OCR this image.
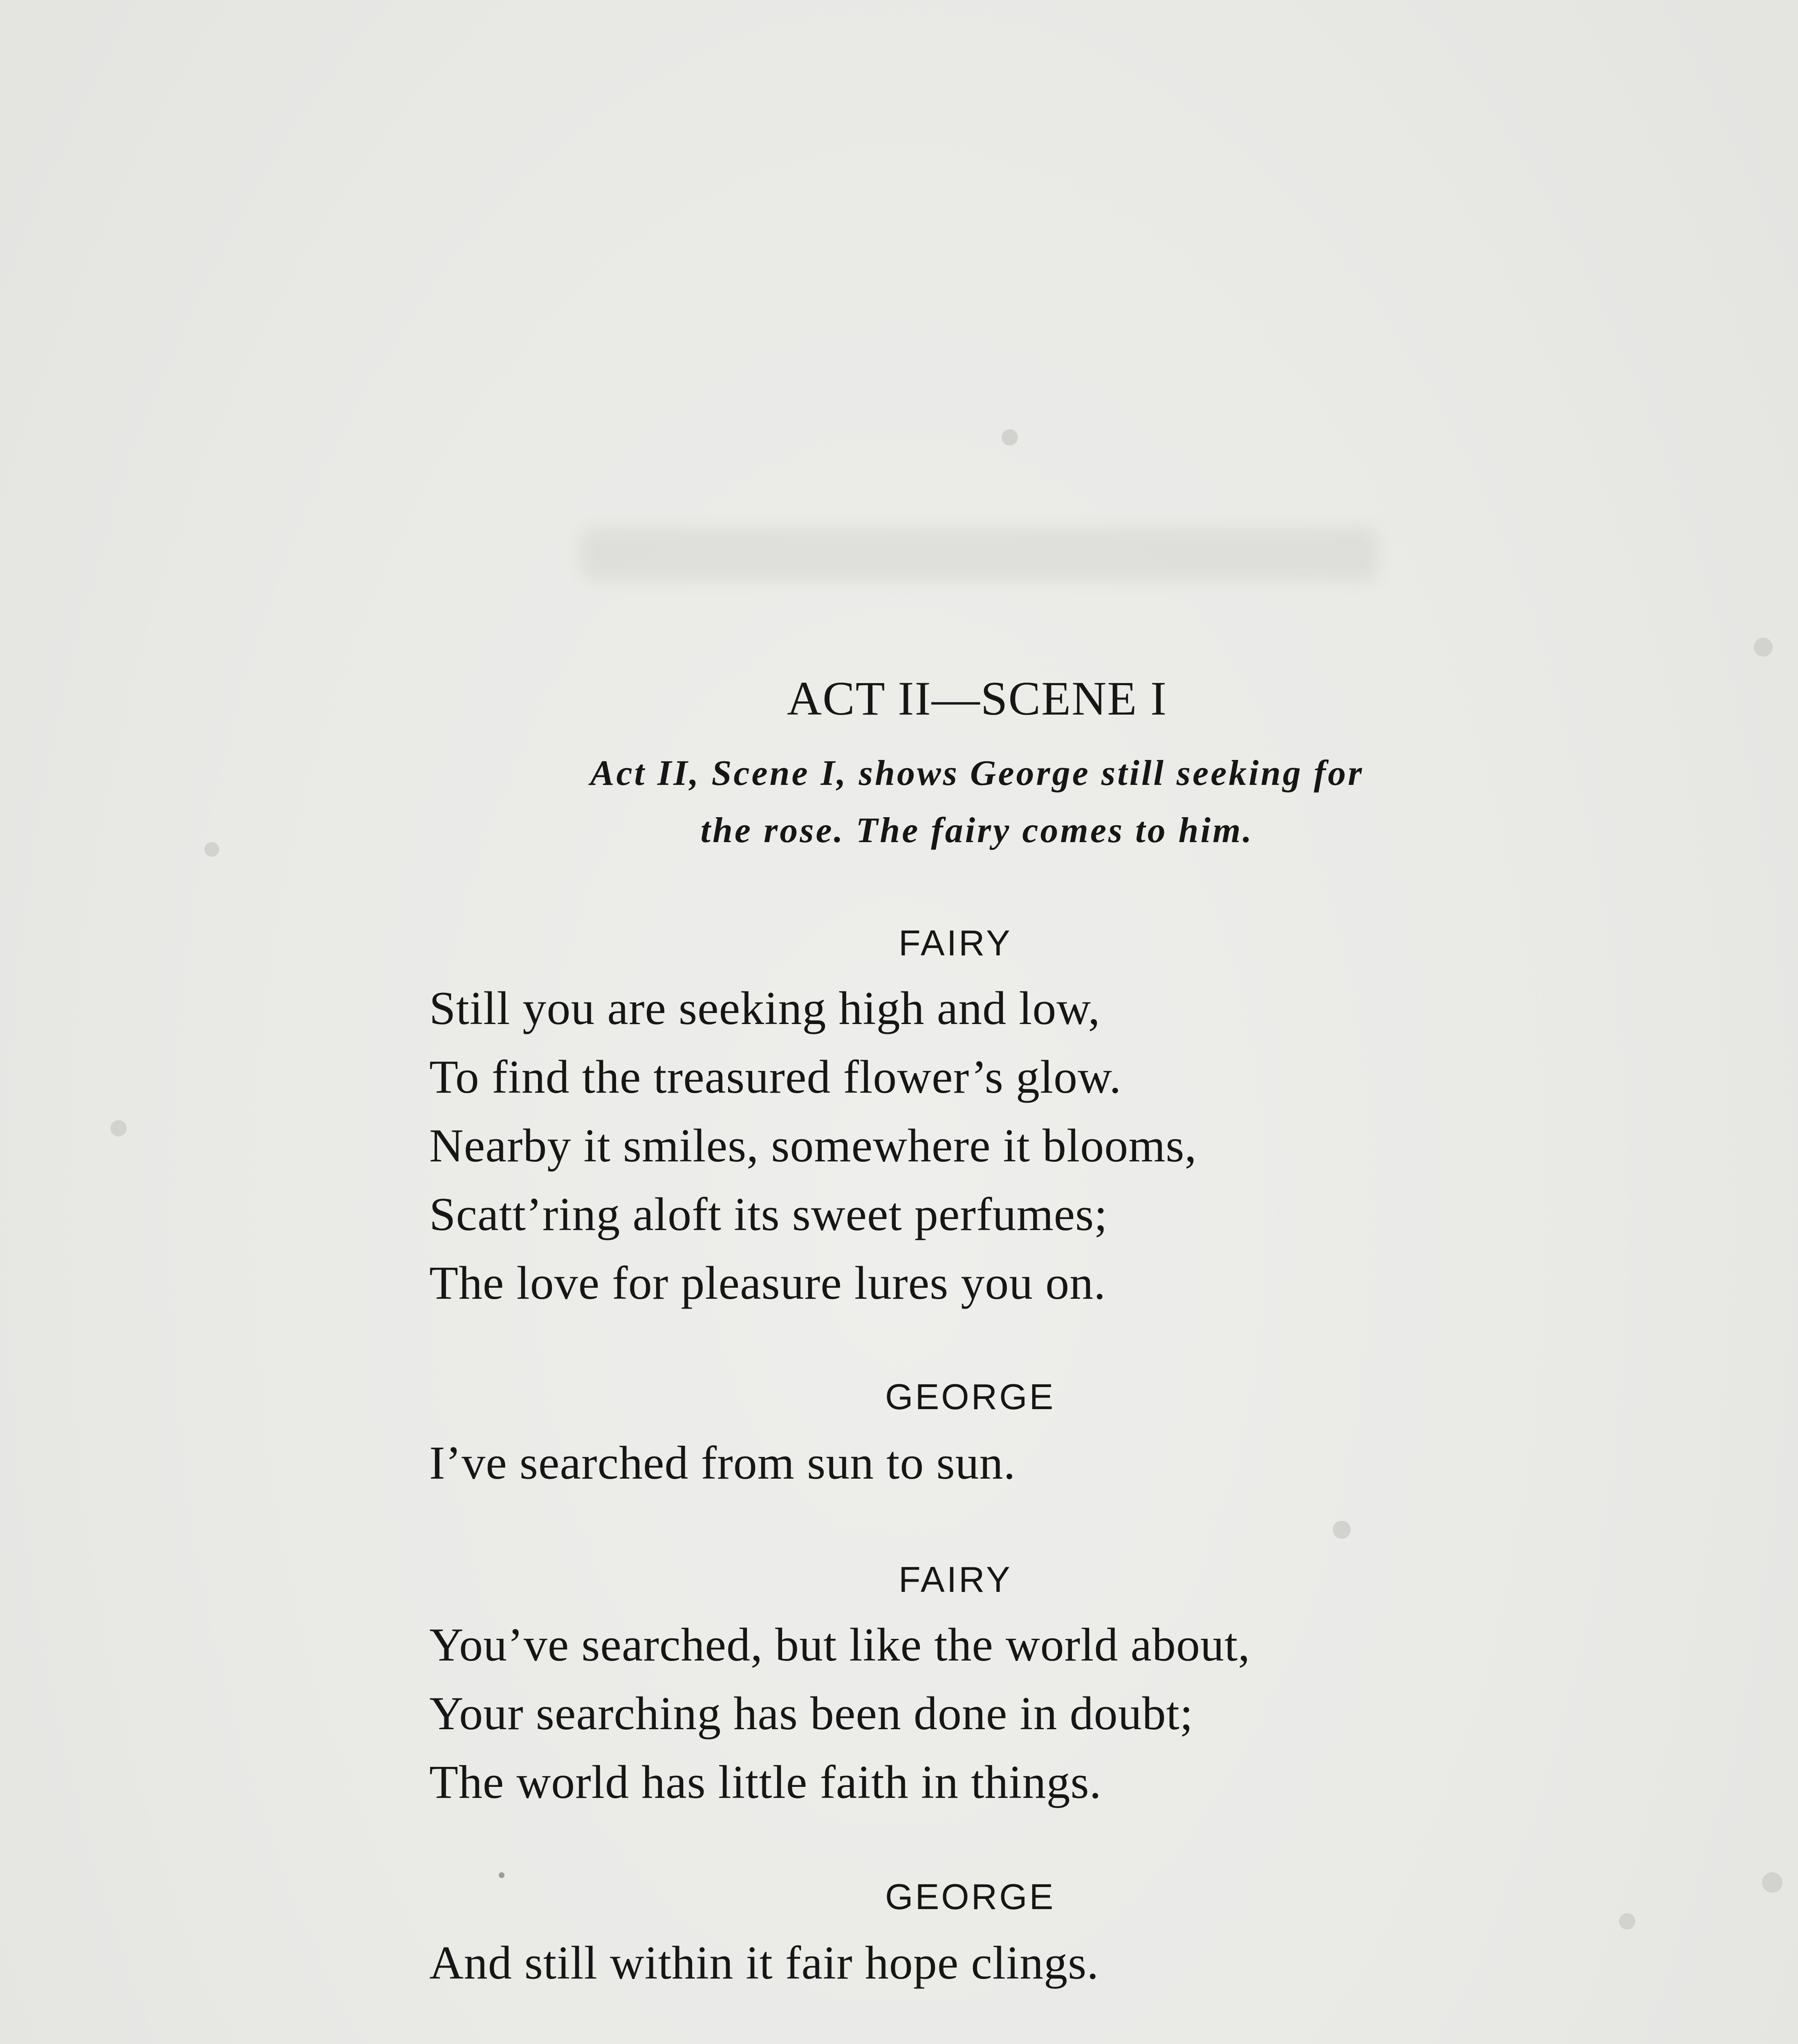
ACT II—SCENE I
Act II, Scene I, shows George still seeking for
the rose. The fairy comes to him.
FAIRY
Still you are seeking high and low,
To find the treasured flower’s glow.
Nearby it smiles, somewhere it blooms,
Scatt’ring aloft its sweet perfumes;
The love for pleasure lures you on.
GEORGE
I’ve searched from sun to sun.
FAIRY
You’ve searched, but like the world about,
Your searching has been done in doubt;
The world has little faith in things.
GEORGE
And still within it fair hope clings.
